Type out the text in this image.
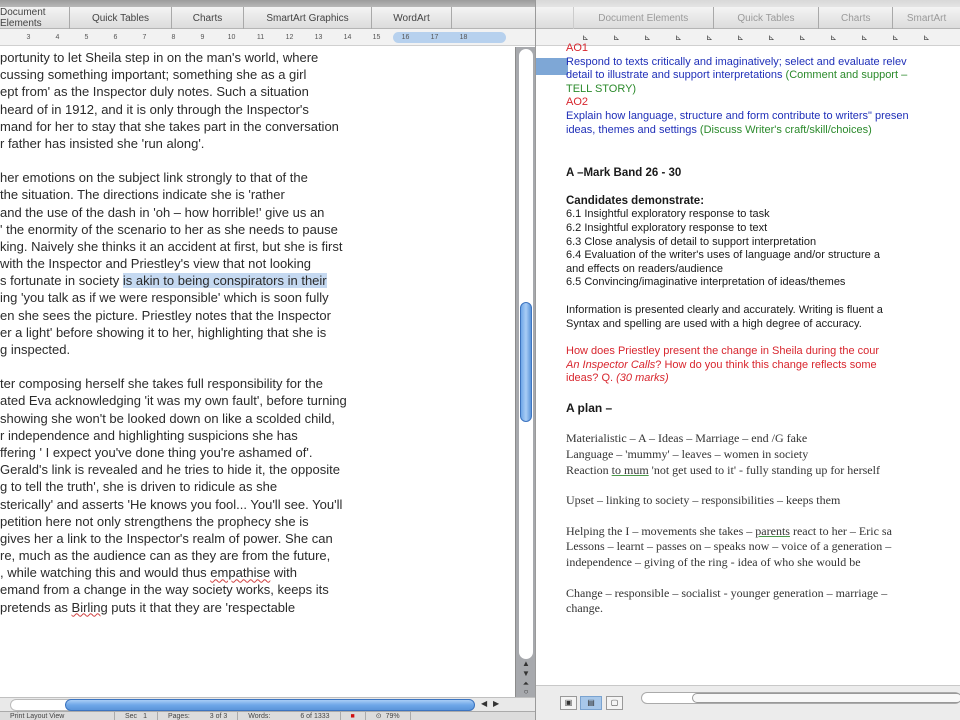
Document Elements	Quick Tables	Charts	SmartArt Graphics	WordArt
3	4	5	6	7	8	9	10	11	12	13	14	15	16	17	18
portunity to let Sheila step in on the man's world, where
cussing something important; something she as a girl
ept from' as the Inspector duly notes. Such a situation
heard of in 1912, and it is only through the Inspector's
mand for her to stay that she takes part in the conversation
r father has insisted she 'run along'.
her emotions on the subject link strongly to that of the
the situation. The directions indicate she is 'rather
and the use of the dash in 'oh – how horrible!' give us an
' the enormity of the scenario to her as she needs to pause
king. Naively she thinks it an accident at first, but she is first
with the Inspector and Priestley's view that not looking
s fortunate in society is akin to being conspirators in their
ing 'you talk as if we were responsible' which is soon fully
en she sees the picture. Priestley notes that the Inspector
er a light' before showing it to her, highlighting that she is
g inspected.
ter composing herself she takes full responsibility for the
ated Eva acknowledging 'it was my own fault', before turning
showing she won't be looked down on like a scolded child,
r independence and highlighting suspicions she has
ffering ' I expect you've done thing you're ashamed of'.
Gerald's link is revealed and he tries to hide it, the opposite
g to tell the truth', she is driven to ridicule as she
sterically' and asserts 'He knows you fool... You'll see. You'll
petition here not only strengthens the prophecy she is
gives her a link to the Inspector's realm of power. She can
re, much as the audience can as they are from the future,
, while watching this and would thus empathise with
emand from a change in the way society works, keeps its
pretends as Birling puts it that they are 'respectable
▲
▼
⏶
○
◀ ▶
Print Layout View	Sec 1	Pages:	3 of 3	Words:	6 of 1333	■	⊙ 79%
Document Elements	Quick Tables	Charts	SmartArt
⊾	⊾	⊾	⊾	⊾	⊾	⊾	⊾	⊾	⊾	⊾	⊾
AO1
Respond to texts critically and imaginatively; select and evaluate relev
detail to illustrate and support interpretations (Comment and support –
TELL STORY)
AO2
Explain how language, structure and form contribute to writers" presen
ideas, themes and settings (Discuss Writer's craft/skill/choices)
A –Mark Band 26 - 30
Candidates demonstrate:
6.1 Insightful exploratory response to task
6.2 Insightful exploratory response to text
6.3 Close analysis of detail to support interpretation
6.4 Evaluation of the writer's uses of language and/or structure a
and effects on readers/audience
6.5 Convincing/imaginative interpretation of ideas/themes
Information is presented clearly and accurately. Writing is fluent a
Syntax and spelling are used with a high degree of accuracy.
How does Priestley present the change in Sheila during the cour
An Inspector Calls? How do you think this change reflects some
ideas? Q. (30 marks)
A plan –
Materialistic – A – Ideas – Marriage – end /G fake
Language – 'mummy' – leaves – women in society
Reaction to mum 'not get used to it' - fully standing up for herself
Upset – linking to society – responsibilities – keeps them
Helping the I – movements she takes – parents react to her – Eric sa
Lessons – learnt – passes on – speaks now – voice of a generation –
independence – giving of the ring - idea of who she would be
Change – responsible – socialist - younger generation – marriage –
change.
▣	▤	▢
